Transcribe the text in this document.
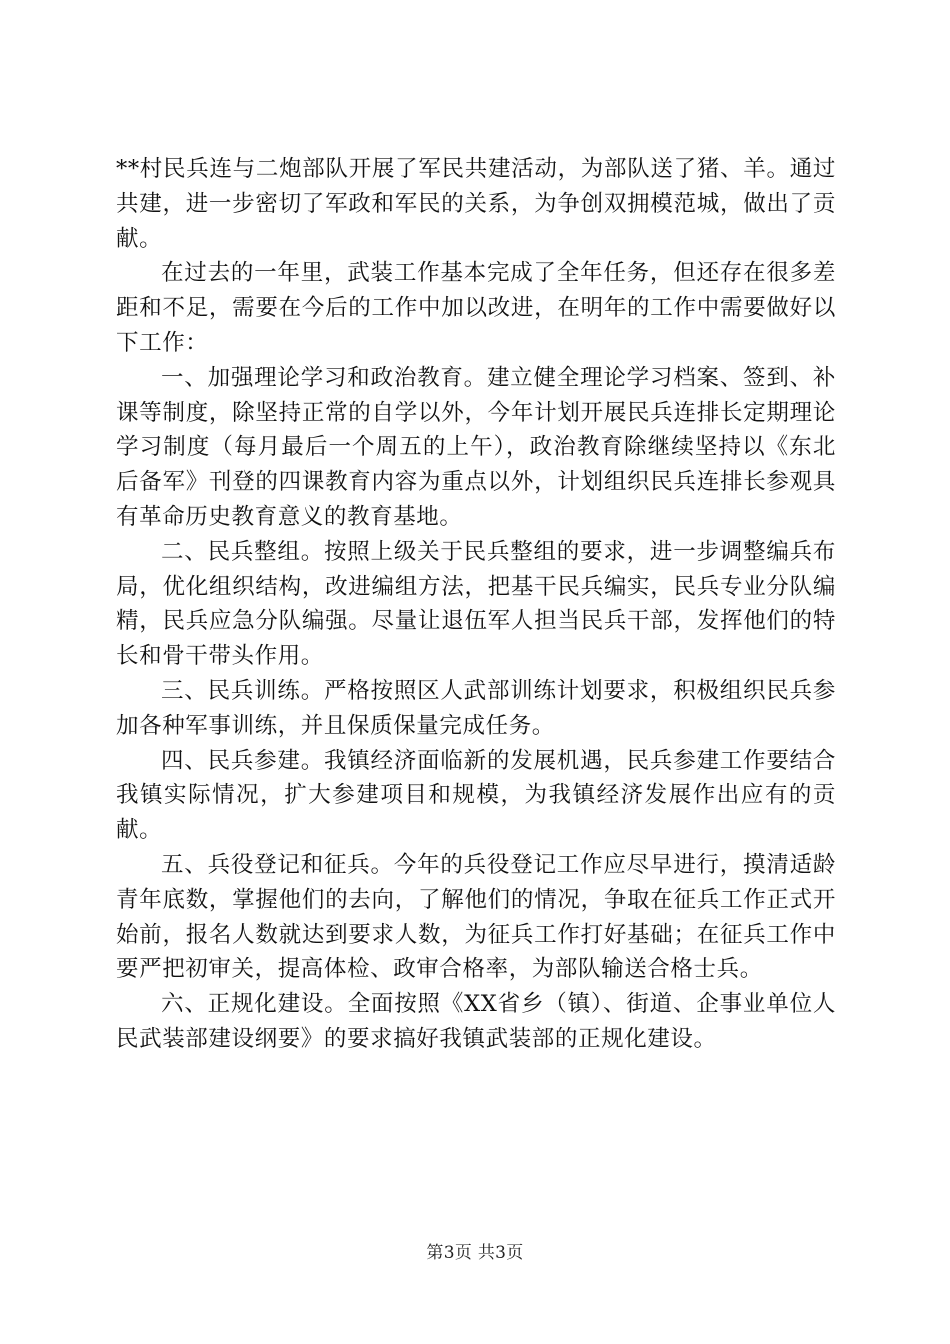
**村民兵连与二炮部队开展了军民共建活动，为部队送了猪、羊。通过共建，进一步密切了军政和军民的关系，为争创双拥模范城，做出了贡献。

在过去的一年里，武装工作基本完成了全年任务，但还存在很多差距和不足，需要在今后的工作中加以改进，在明年的工作中需要做好以下工作：

一、加强理论学习和政治教育。建立健全理论学习档案、签到、补课等制度，除坚持正常的自学以外，今年计划开展民兵连排长定期理论学习制度（每月最后一个周五的上午），政治教育除继续坚持以《东北后备军》刊登的四课教育内容为重点以外，计划组织民兵连排长参观具有革命历史教育意义的教育基地。

二、民兵整组。按照上级关于民兵整组的要求，进一步调整编兵布局，优化组织结构，改进编组方法，把基干民兵编实，民兵专业分队编精，民兵应急分队编强。尽量让退伍军人担当民兵干部，发挥他们的特长和骨干带头作用。

三、民兵训练。严格按照区人武部训练计划要求，积极组织民兵参加各种军事训练，并且保质保量完成任务。

四、民兵参建。我镇经济面临新的发展机遇，民兵参建工作要结合我镇实际情况，扩大参建项目和规模，为我镇经济发展作出应有的贡献。

五、兵役登记和征兵。今年的兵役登记工作应尽早进行，摸清适龄青年底数，掌握他们的去向，了解他们的情况，争取在征兵工作正式开始前，报名人数就达到要求人数，为征兵工作打好基础；在征兵工作中要严把初审关，提高体检、政审合格率，为部队输送合格士兵。

六、正规化建设。全面按照《XX省乡（镇）、街道、企事业单位人民武装部建设纲要》的要求搞好我镇武装部的正规化建设。

第3页 共3页
